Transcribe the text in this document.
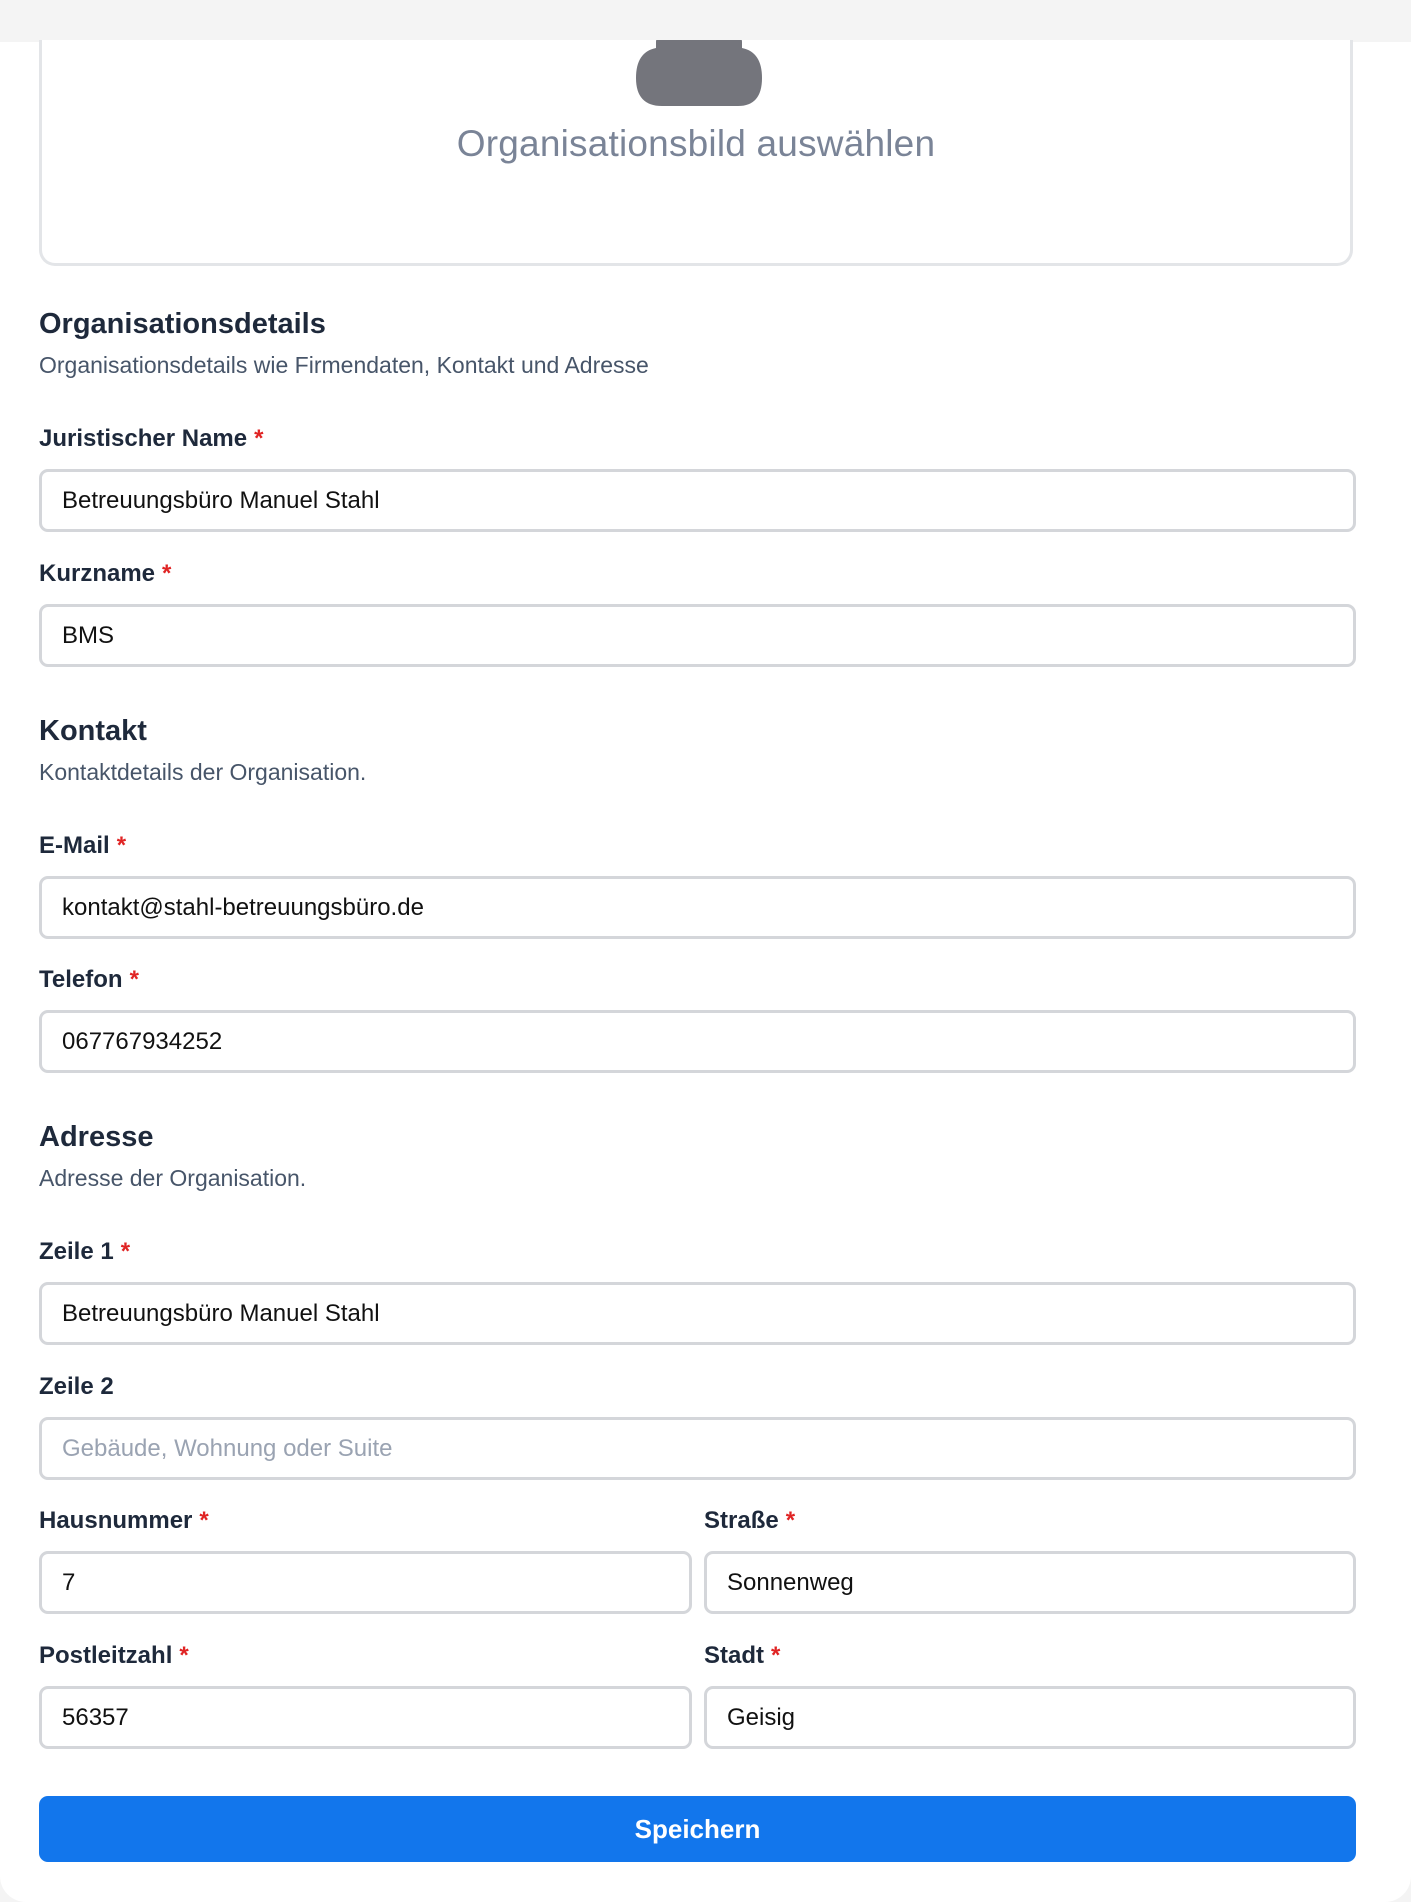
Organisationsbild auswählen
Organisationsdetails
Organisationsdetails wie Firmendaten, Kontakt und Adresse
Juristischer Name *
Betreuungsbüro Manuel Stahl
Kurzname *
BMS
Kontakt
Kontaktdetails der Organisation.
E-Mail *
kontakt@stahl-betreuungsbüro.de
Telefon *
067767934252
Adresse
Adresse der Organisation.
Zeile 1 *
Betreuungsbüro Manuel Stahl
Zeile 2
Gebäude, Wohnung oder Suite
Hausnummer *
7	Straße *
Sonnenweg
Postleitzahl *
56357	Stadt *
Geisig
Speichern
